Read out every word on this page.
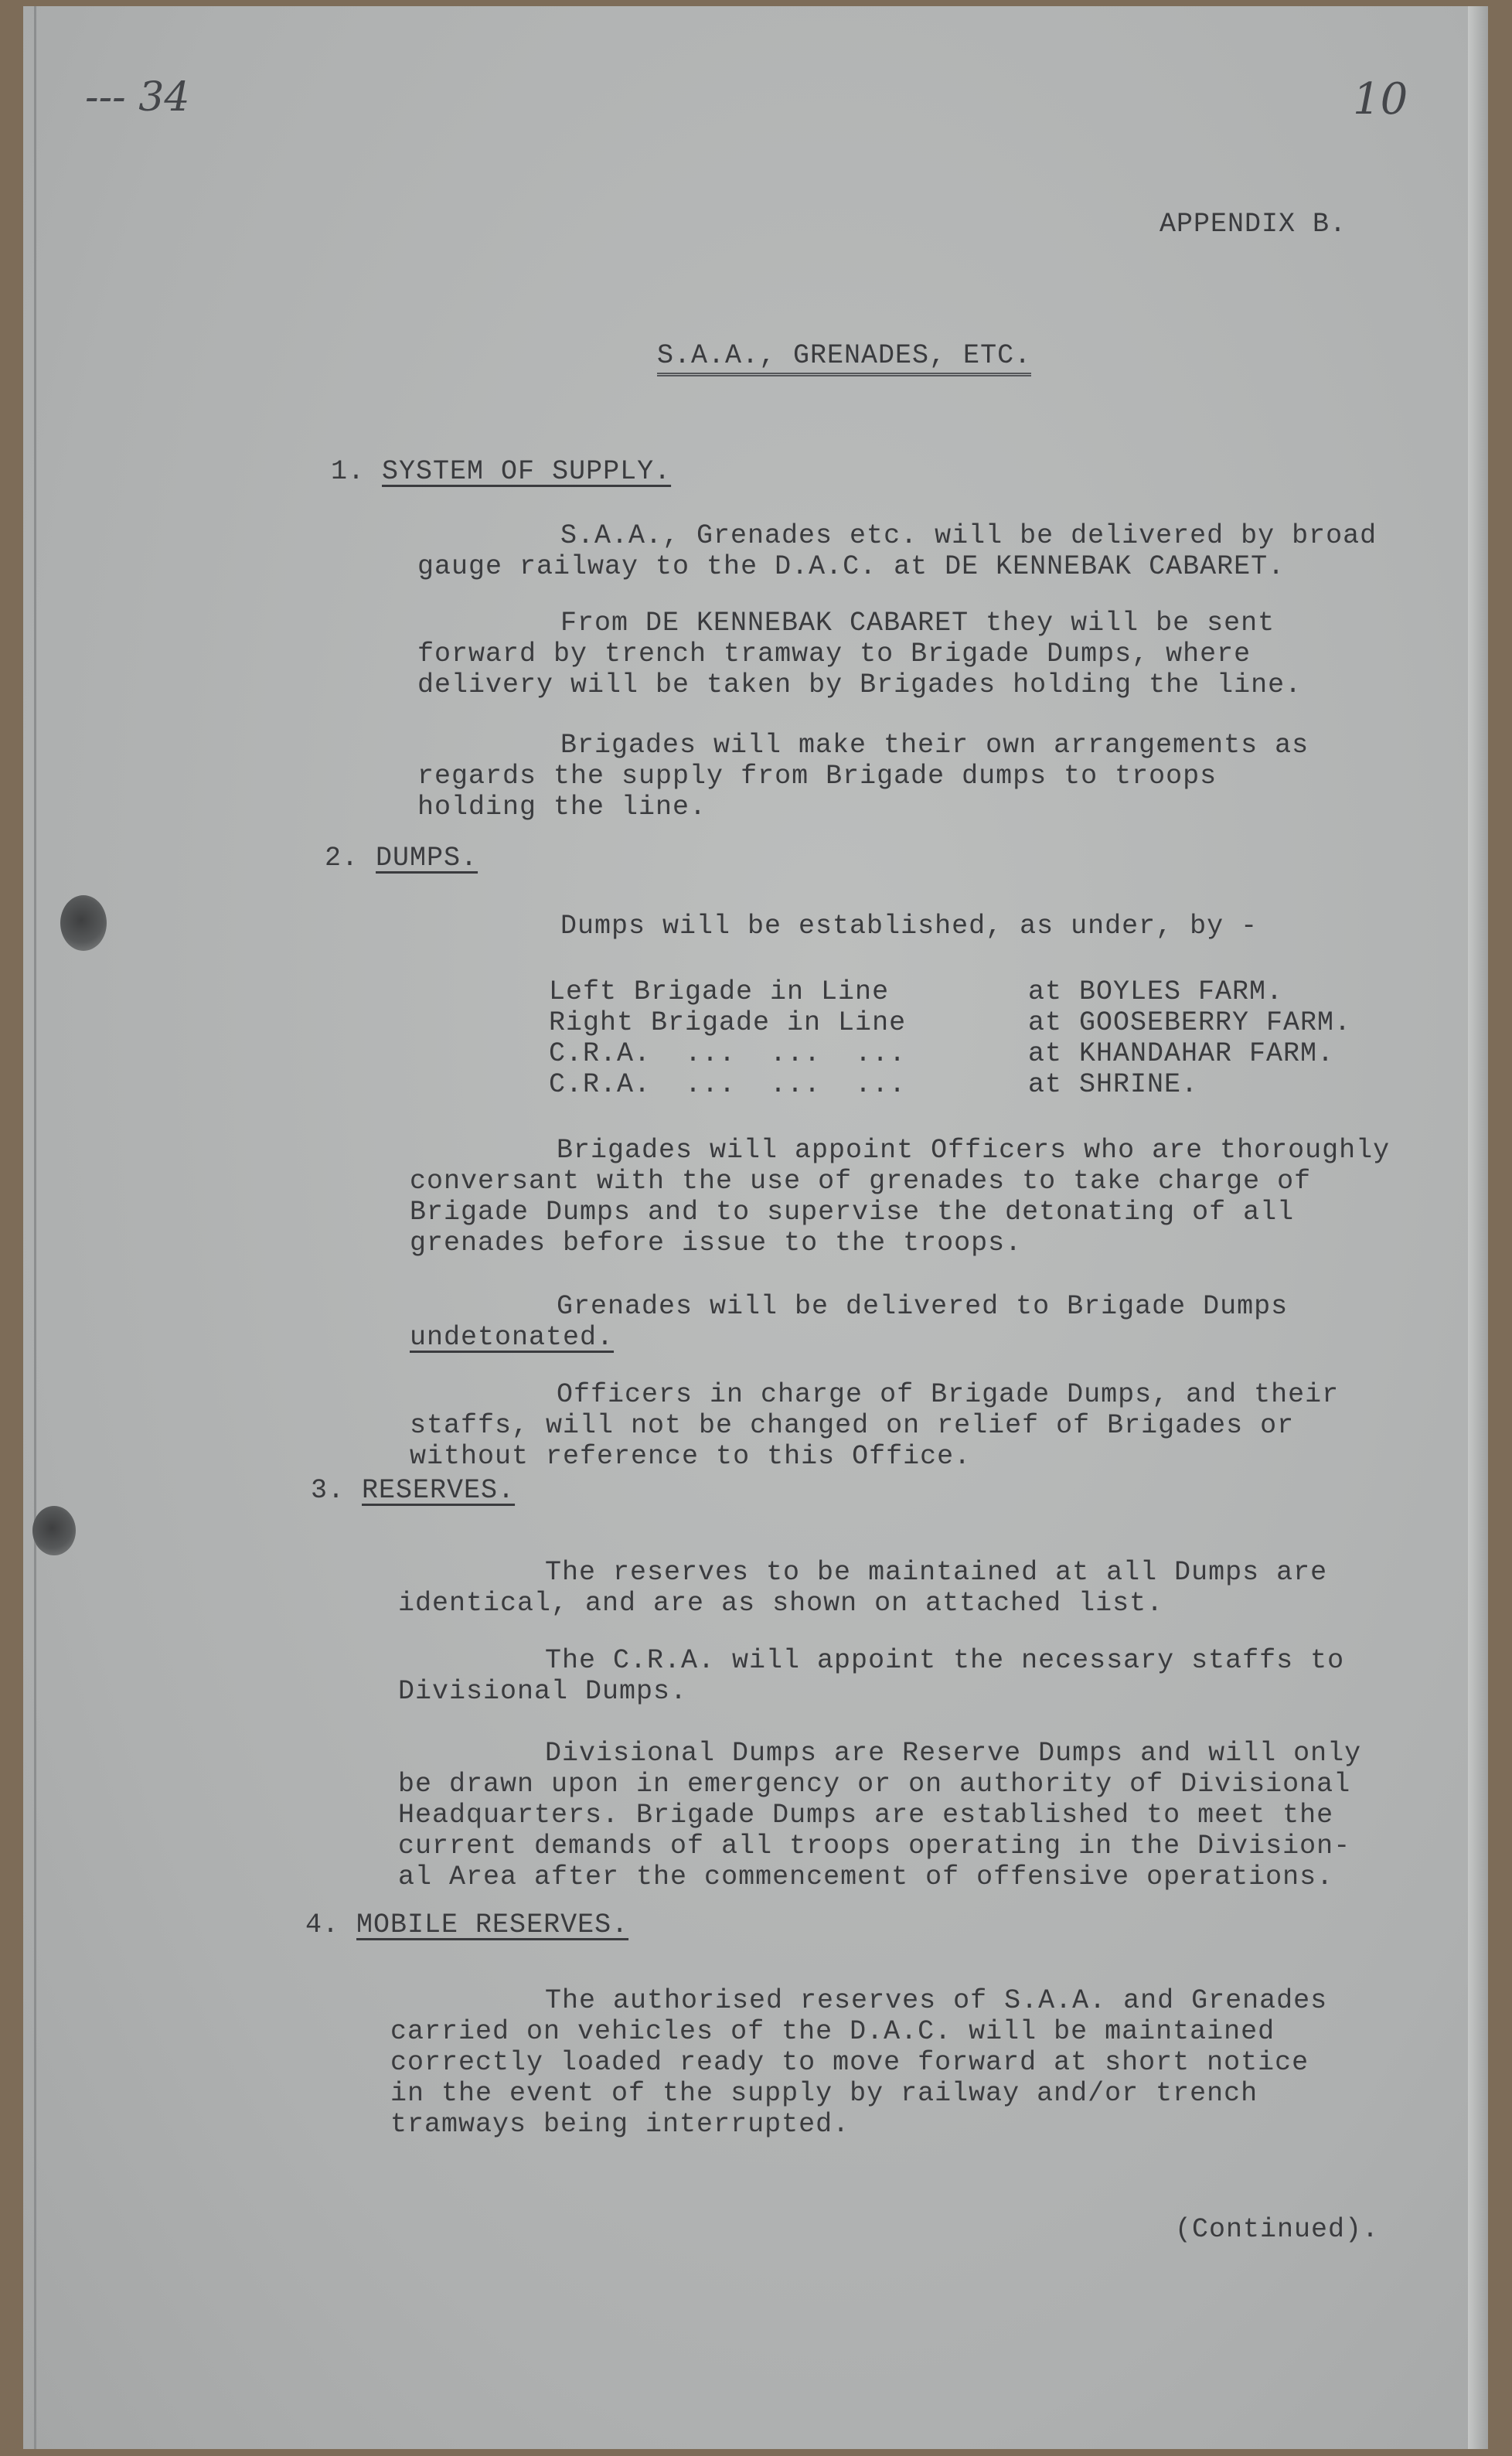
--- 34	10
APPENDIX B.
S.A.A., GRENADES, ETC.
1. SYSTEM OF SUPPLY.
S.A.A., Grenades etc. will be delivered by broad
gauge railway to the D.A.C. at DE KENNEBAK CABARET.
From DE KENNEBAK CABARET they will be sent
forward by trench tramway to Brigade Dumps, where
delivery will be taken by Brigades holding the line.
Brigades will make their own arrangements as
regards the supply from Brigade dumps to troops
holding the line.
2. DUMPS.
Dumps will be established, as under, by -
Left Brigade in Line	at BOYLES FARM.
Right Brigade in Line	at GOOSEBERRY FARM.
C.R.A.  ...  ...  ...	at KHANDAHAR FARM.
C.R.A.  ...  ...  ...	at SHRINE.
Brigades will appoint Officers who are thoroughly
conversant with the use of grenades to take charge of
Brigade Dumps and to supervise the detonating of all
grenades before issue to the troops.
Grenades will be delivered to Brigade Dumps
undetonated.
Officers in charge of Brigade Dumps, and their
staffs, will not be changed on relief of Brigades or
without reference to this Office.
3. RESERVES.
The reserves to be maintained at all Dumps are
identical, and are as shown on attached list.
The C.R.A. will appoint the necessary staffs to
Divisional Dumps.
Divisional Dumps are Reserve Dumps and will only
be drawn upon in emergency or on authority of Divisional
Headquarters. Brigade Dumps are established to meet the
current demands of all troops operating in the Division-
al Area after the commencement of offensive operations.
4. MOBILE RESERVES.
The authorised reserves of S.A.A. and Grenades
carried on vehicles of the D.A.C. will be maintained
correctly loaded ready to move forward at short notice
in the event of the supply by railway and/or trench
tramways being interrupted.
(Continued).
